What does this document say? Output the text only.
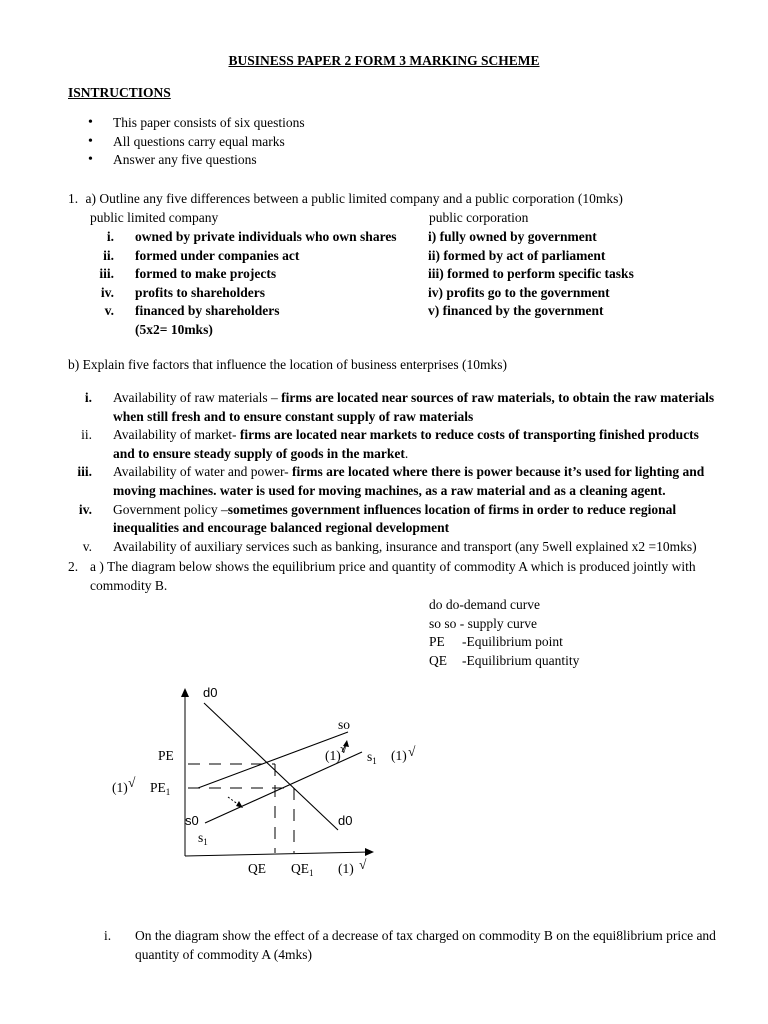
BUSINESS PAPER 2 FORM 3 MARKING SCHEME
ISNTRUCTIONS
• This paper consists of six questions
• All questions carry equal marks
• Answer any five questions
1. a) Outline any five differences between a public limited company and a public corporation (10mks)
public limited company	public corporation
i. owned by private individuals who own shares i) fully owned by government
ii. formed under companies act	ii) formed by act of parliament
iii. formed to make projects	iii) formed to perform specific tasks
iv. profits to shareholders	iv) profits go to the government
v. financed by shareholders	v) financed by the government
(5x2= 10mks)
b) Explain five factors that influence the location of business enterprises (10mks)
i. Availability of raw materials – firms are located near sources of raw materials, to obtain the raw materials when still fresh and to ensure constant supply of raw materials
ii. Availability of market- firms are located near markets to reduce costs of transporting finished products and to ensure steady supply of goods in the market.
iii. Availability of water and power- firms are located where there is power because it’s used for lighting and moving machines. water is used for moving machines, as a raw material and as a cleaning agent.
iv. Government policy –sometimes government influences location of firms in order to reduce regional inequalities and encourage balanced regional development
v. Availability of auxiliary services such as banking, insurance and transport (any 5well explained x2 =10mks)
2. a ) The diagram below shows the equilibrium price and quantity of commodity A which is produced jointly with commodity B.
do do-demand curve
so so - supply curve
PE -Equilibrium point
QE -Equilibrium quantity
d0
so
$s_1$
d0
s0
$s_1$
PE
$PE_1$
QE $QE_1$
(1) √
(1) √	(1) √
(1) √
i. On the diagram show the effect of a decrease of tax charged on commodity B on the equi8librium price and quantity of commodity A (4mks)
